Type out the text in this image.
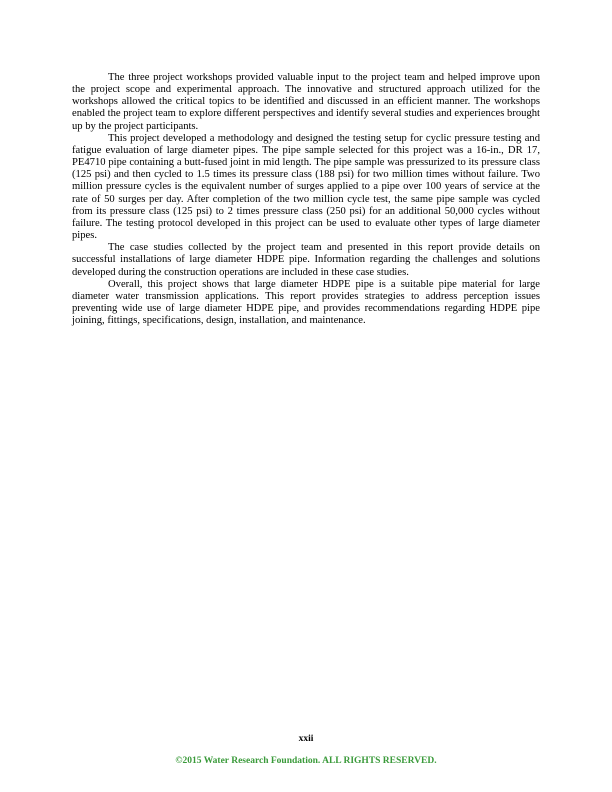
The three project workshops provided valuable input to the project team and helped improve upon the project scope and experimental approach. The innovative and structured approach utilized for the workshops allowed the critical topics to be identified and discussed in an efficient manner. The workshops enabled the project team to explore different perspectives and identify several studies and experiences brought up by the project participants.

This project developed a methodology and designed the testing setup for cyclic pressure testing and fatigue evaluation of large diameter pipes. The pipe sample selected for this project was a 16-in., DR 17, PE4710 pipe containing a butt-fused joint in mid length. The pipe sample was pressurized to its pressure class (125 psi) and then cycled to 1.5 times its pressure class (188 psi) for two million times without failure. Two million pressure cycles is the equivalent number of surges applied to a pipe over 100 years of service at the rate of 50 surges per day. After completion of the two million cycle test, the same pipe sample was cycled from its pressure class (125 psi) to 2 times pressure class (250 psi) for an additional 50,000 cycles without failure. The testing protocol developed in this project can be used to evaluate other types of large diameter pipes.

The case studies collected by the project team and presented in this report provide details on successful installations of large diameter HDPE pipe. Information regarding the challenges and solutions developed during the construction operations are included in these case studies.

Overall, this project shows that large diameter HDPE pipe is a suitable pipe material for large diameter water transmission applications. This report provides strategies to address perception issues preventing wide use of large diameter HDPE pipe, and provides recommendations regarding HDPE pipe joining, fittings, specifications, design, installation, and maintenance.

xxii
©2015 Water Research Foundation. ALL RIGHTS RESERVED.
